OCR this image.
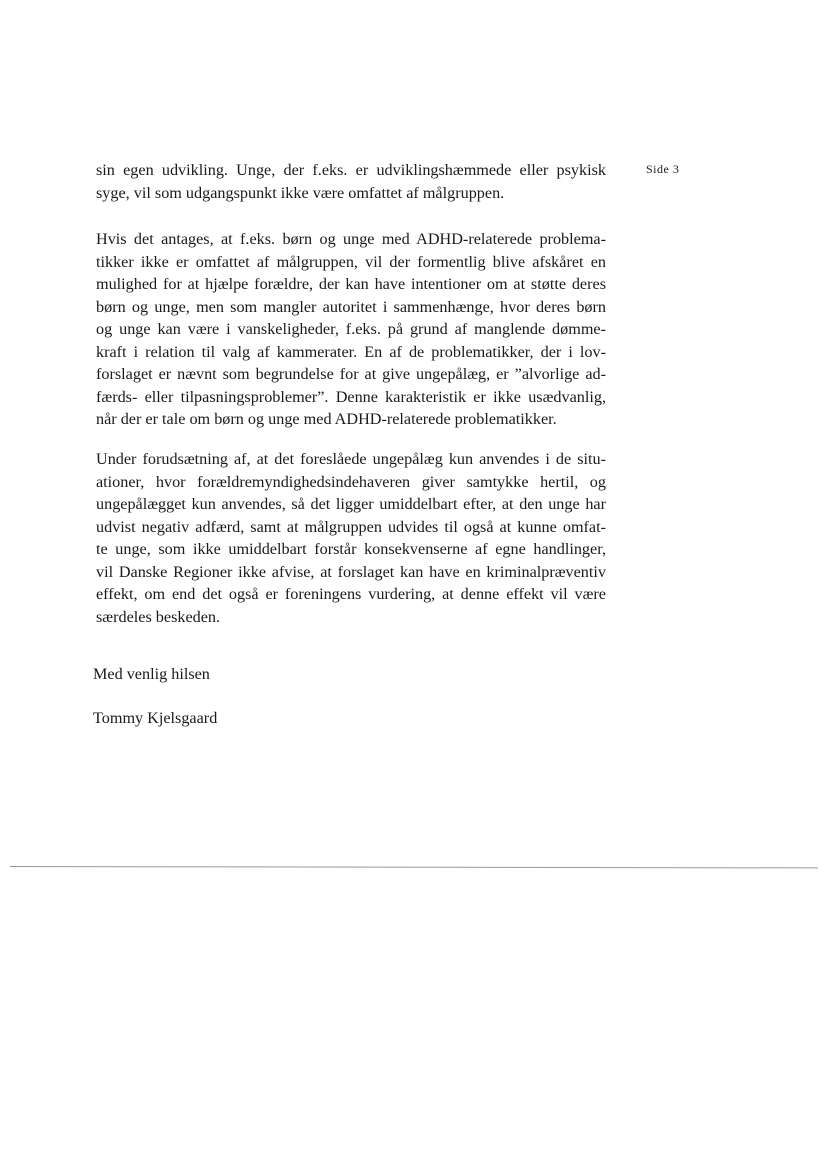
Side 3
sin egen udvikling. Unge, der f.eks. er udviklingshæmmede eller psykisk
syge, vil som udgangspunkt ikke være omfattet af målgruppen.
Hvis det antages, at f.eks. børn og unge med ADHD-relaterede problema-
tikker ikke er omfattet af målgruppen, vil der formentlig blive afskåret en
mulighed for at hjælpe forældre, der kan have intentioner om at støtte deres
børn og unge, men som mangler autoritet i sammenhænge, hvor deres børn
og unge kan være i vanskeligheder, f.eks. på grund af manglende dømme-
kraft i relation til valg af kammerater. En af de problematikker, der i lov-
forslaget er nævnt som begrundelse for at give ungepålæg, er ”alvorlige ad-
færds- eller tilpasningsproblemer”. Denne karakteristik er ikke usædvanlig,
når der er tale om børn og unge med ADHD-relaterede problematikker.
Under forudsætning af, at det foreslåede ungepålæg kun anvendes i de situ-
ationer, hvor forældremyndighedsindehaveren giver samtykke hertil, og
ungepålægget kun anvendes, så det ligger umiddelbart efter, at den unge har
udvist negativ adfærd, samt at målgruppen udvides til også at kunne omfat-
te unge, som ikke umiddelbart forstår konsekvenserne af egne handlinger,
vil Danske Regioner ikke afvise, at forslaget kan have en kriminalpræventiv
effekt, om end det også er foreningens vurdering, at denne effekt vil være
særdeles beskeden.
Med venlig hilsen
Tommy Kjelsgaard
